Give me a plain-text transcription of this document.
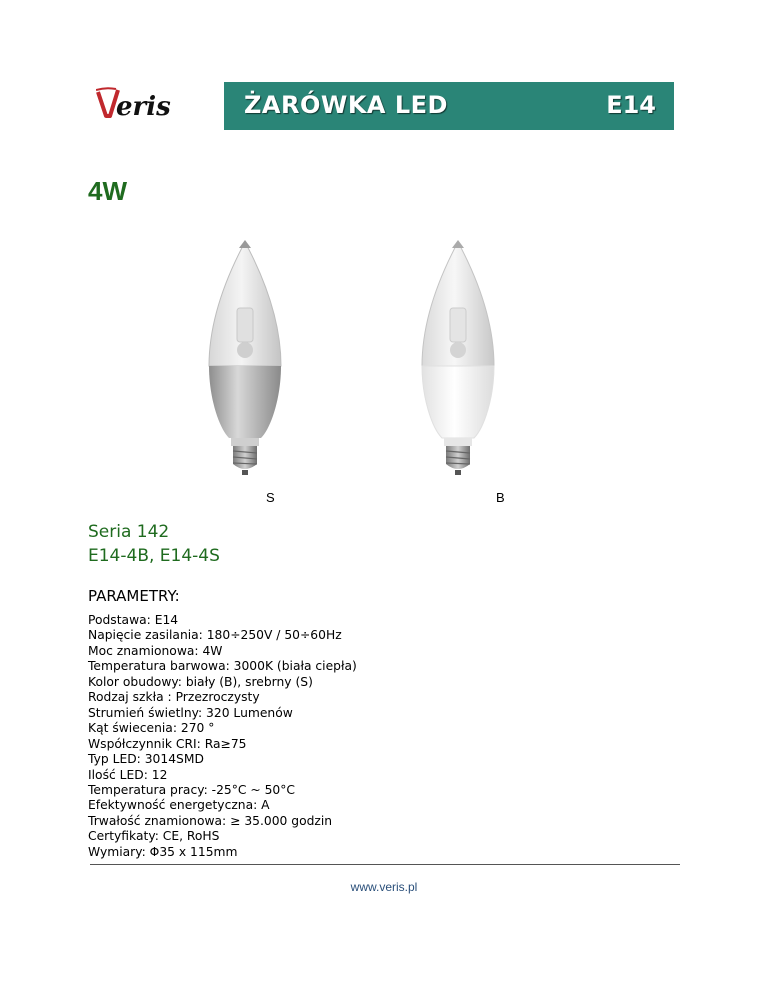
eris	ŻARÓWKA LED	E14
4W
S	B
Seria 142
E14-4B, E14-4S
PARAMETRY:
Podstawa: E14
Napięcie zasilania: 180÷250V / 50÷60Hz
Moc znamionowa: 4W
Temperatura barwowa: 3000K (biała ciepła)
Kolor obudowy: biały (B), srebrny (S)
Rodzaj szkła : Przezroczysty
Strumień świetlny: 320 Lumenów
Kąt świecenia: 270 °
Współczynnik CRI: Ra≥75
Typ LED: 3014SMD
Ilość LED: 12
Temperatura pracy: -25°C ~ 50°C
Efektywność energetyczna: A
Trwałość znamionowa: ≥ 35.000 godzin
Certyfikaty: CE, RoHS
Wymiary: Φ35 x 115mm
www.veris.pl
